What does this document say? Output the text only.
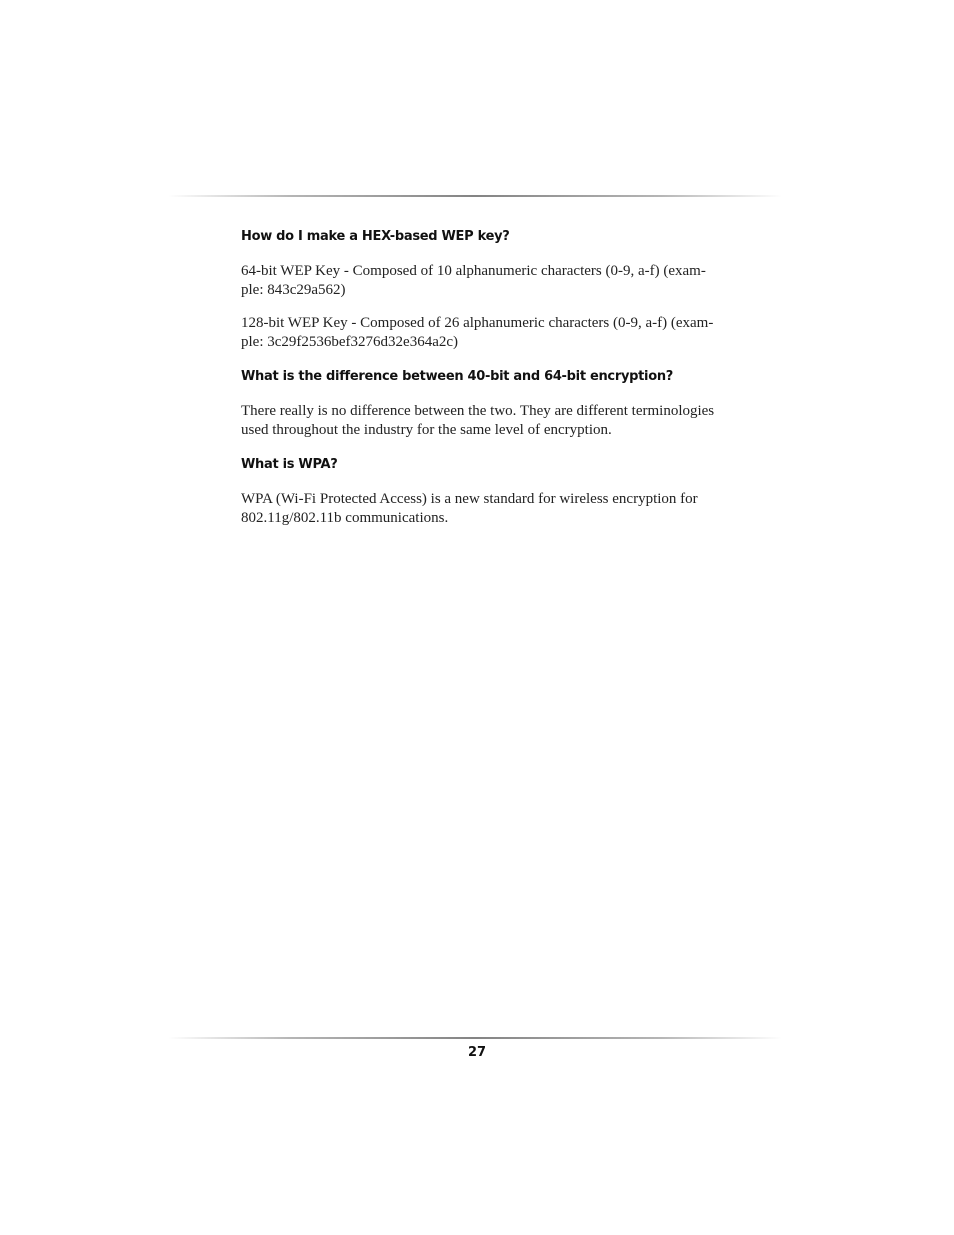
How do I make a HEX-based WEP key?

64-bit WEP Key - Composed of 10 alphanumeric characters (0-9, a-f) (exam-
ple: 843c29a562)

128-bit WEP Key - Composed of 26 alphanumeric characters (0-9, a-f) (exam-
ple: 3c29f2536bef3276d32e364a2c)

What is the difference between 40-bit and 64-bit encryption?

There really is no difference between the two. They are different terminologies
used throughout the industry for the same level of encryption.

What is WPA?

WPA (Wi-Fi Protected Access) is a new standard for wireless encryption for
802.11g/802.11b communications.

27
